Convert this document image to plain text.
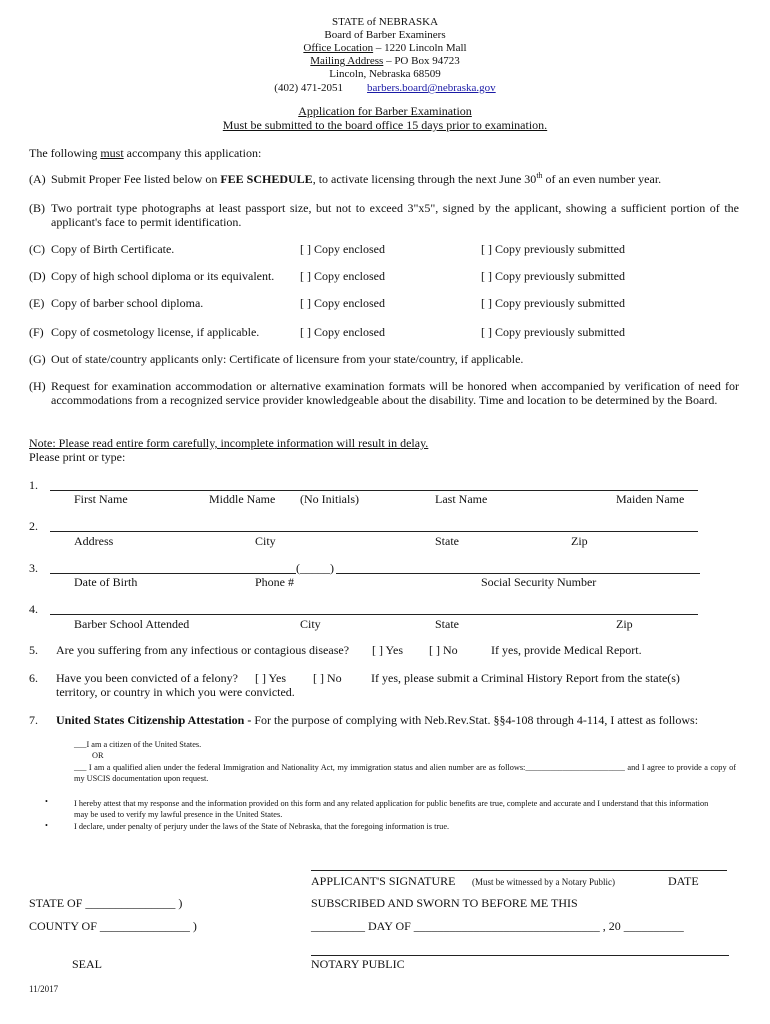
STATE of NEBRASKA
Board of Barber Examiners
Office Location – 1220 Lincoln Mall
Mailing Address – PO Box 94723
Lincoln, Nebraska 68509
(402) 471-2051 barbers.board@nebraska.gov
Application for Barber Examination
Must be submitted to the board office 15 days prior to examination.
The following must accompany this application:
(A) Submit Proper Fee listed below on FEE SCHEDULE, to activate licensing through the next June 30th of an even number year.
(B) Two portrait type photographs at least passport size, but not to exceed 3"x5", signed by the applicant, showing a sufficient portion of the applicant's face to permit identification.
(C) Copy of Birth Certificate.	[ ] Copy enclosed	[ ] Copy previously submitted
(D) Copy of high school diploma or its equivalent. [ ] Copy enclosed	[ ] Copy previously submitted
(E) Copy of barber school diploma.	[ ] Copy enclosed	[ ] Copy previously submitted
(F) Copy of cosmetology license, if applicable.	[ ] Copy enclosed	[ ] Copy previously submitted
(G) Out of state/country applicants only: Certificate of licensure from your state/country, if applicable.
(H) Request for examination accommodation or alternative examination formats will be honored when accompanied by verification of need for accommodations from a recognized service provider knowledgeable about the disability. Time and location to be determined by the Board.
Note: Please read entire form carefully, incomplete information will result in delay.
Please print or type:
1.
First Name	Middle Name (No Initials)	Last Name	Maiden Name
2.
Address	City	State	Zip
3.	(_____)
Date of Birth	Phone #	Social Security Number
4.
Barber School Attended	City	State	Zip
5. Are you suffering from any infectious or contagious disease? [ ] Yes [ ] No	If yes, provide Medical Report.
6. Have you been convicted of a felony? [ ] Yes [ ] No If yes, please submit a Criminal History Report from the state(s)
territory, or country in which you were convicted.
7. United States Citizenship Attestation - For the purpose of complying with Neb.Rev.Stat. §§4-108 through 4-114, I attest as follows:
___I am a citizen of the United States.
OR
___ I am a qualified alien under the federal Immigration and Nationality Act, my immigration status and alien number are as follows:________________________ and I agree to provide a copy of my USCIS documentation upon request.
•	I hereby attest that my response and the information provided on this form and any related application for public benefits are true, complete and accurate and I understand that this information may be used to verify my lawful presence in the United States.
•	I declare, under penalty of perjury under the laws of the State of Nebraska, that the foregoing information is true.
APPLICANT'S SIGNATURE (Must be witnessed by a Notary Public)	DATE
STATE OF _______________ )	SUBSCRIBED AND SWORN TO BEFORE ME THIS
COUNTY OF _______________ )	_________ DAY OF _______________________________ , 20 __________
SEAL	NOTARY PUBLIC
11/2017
